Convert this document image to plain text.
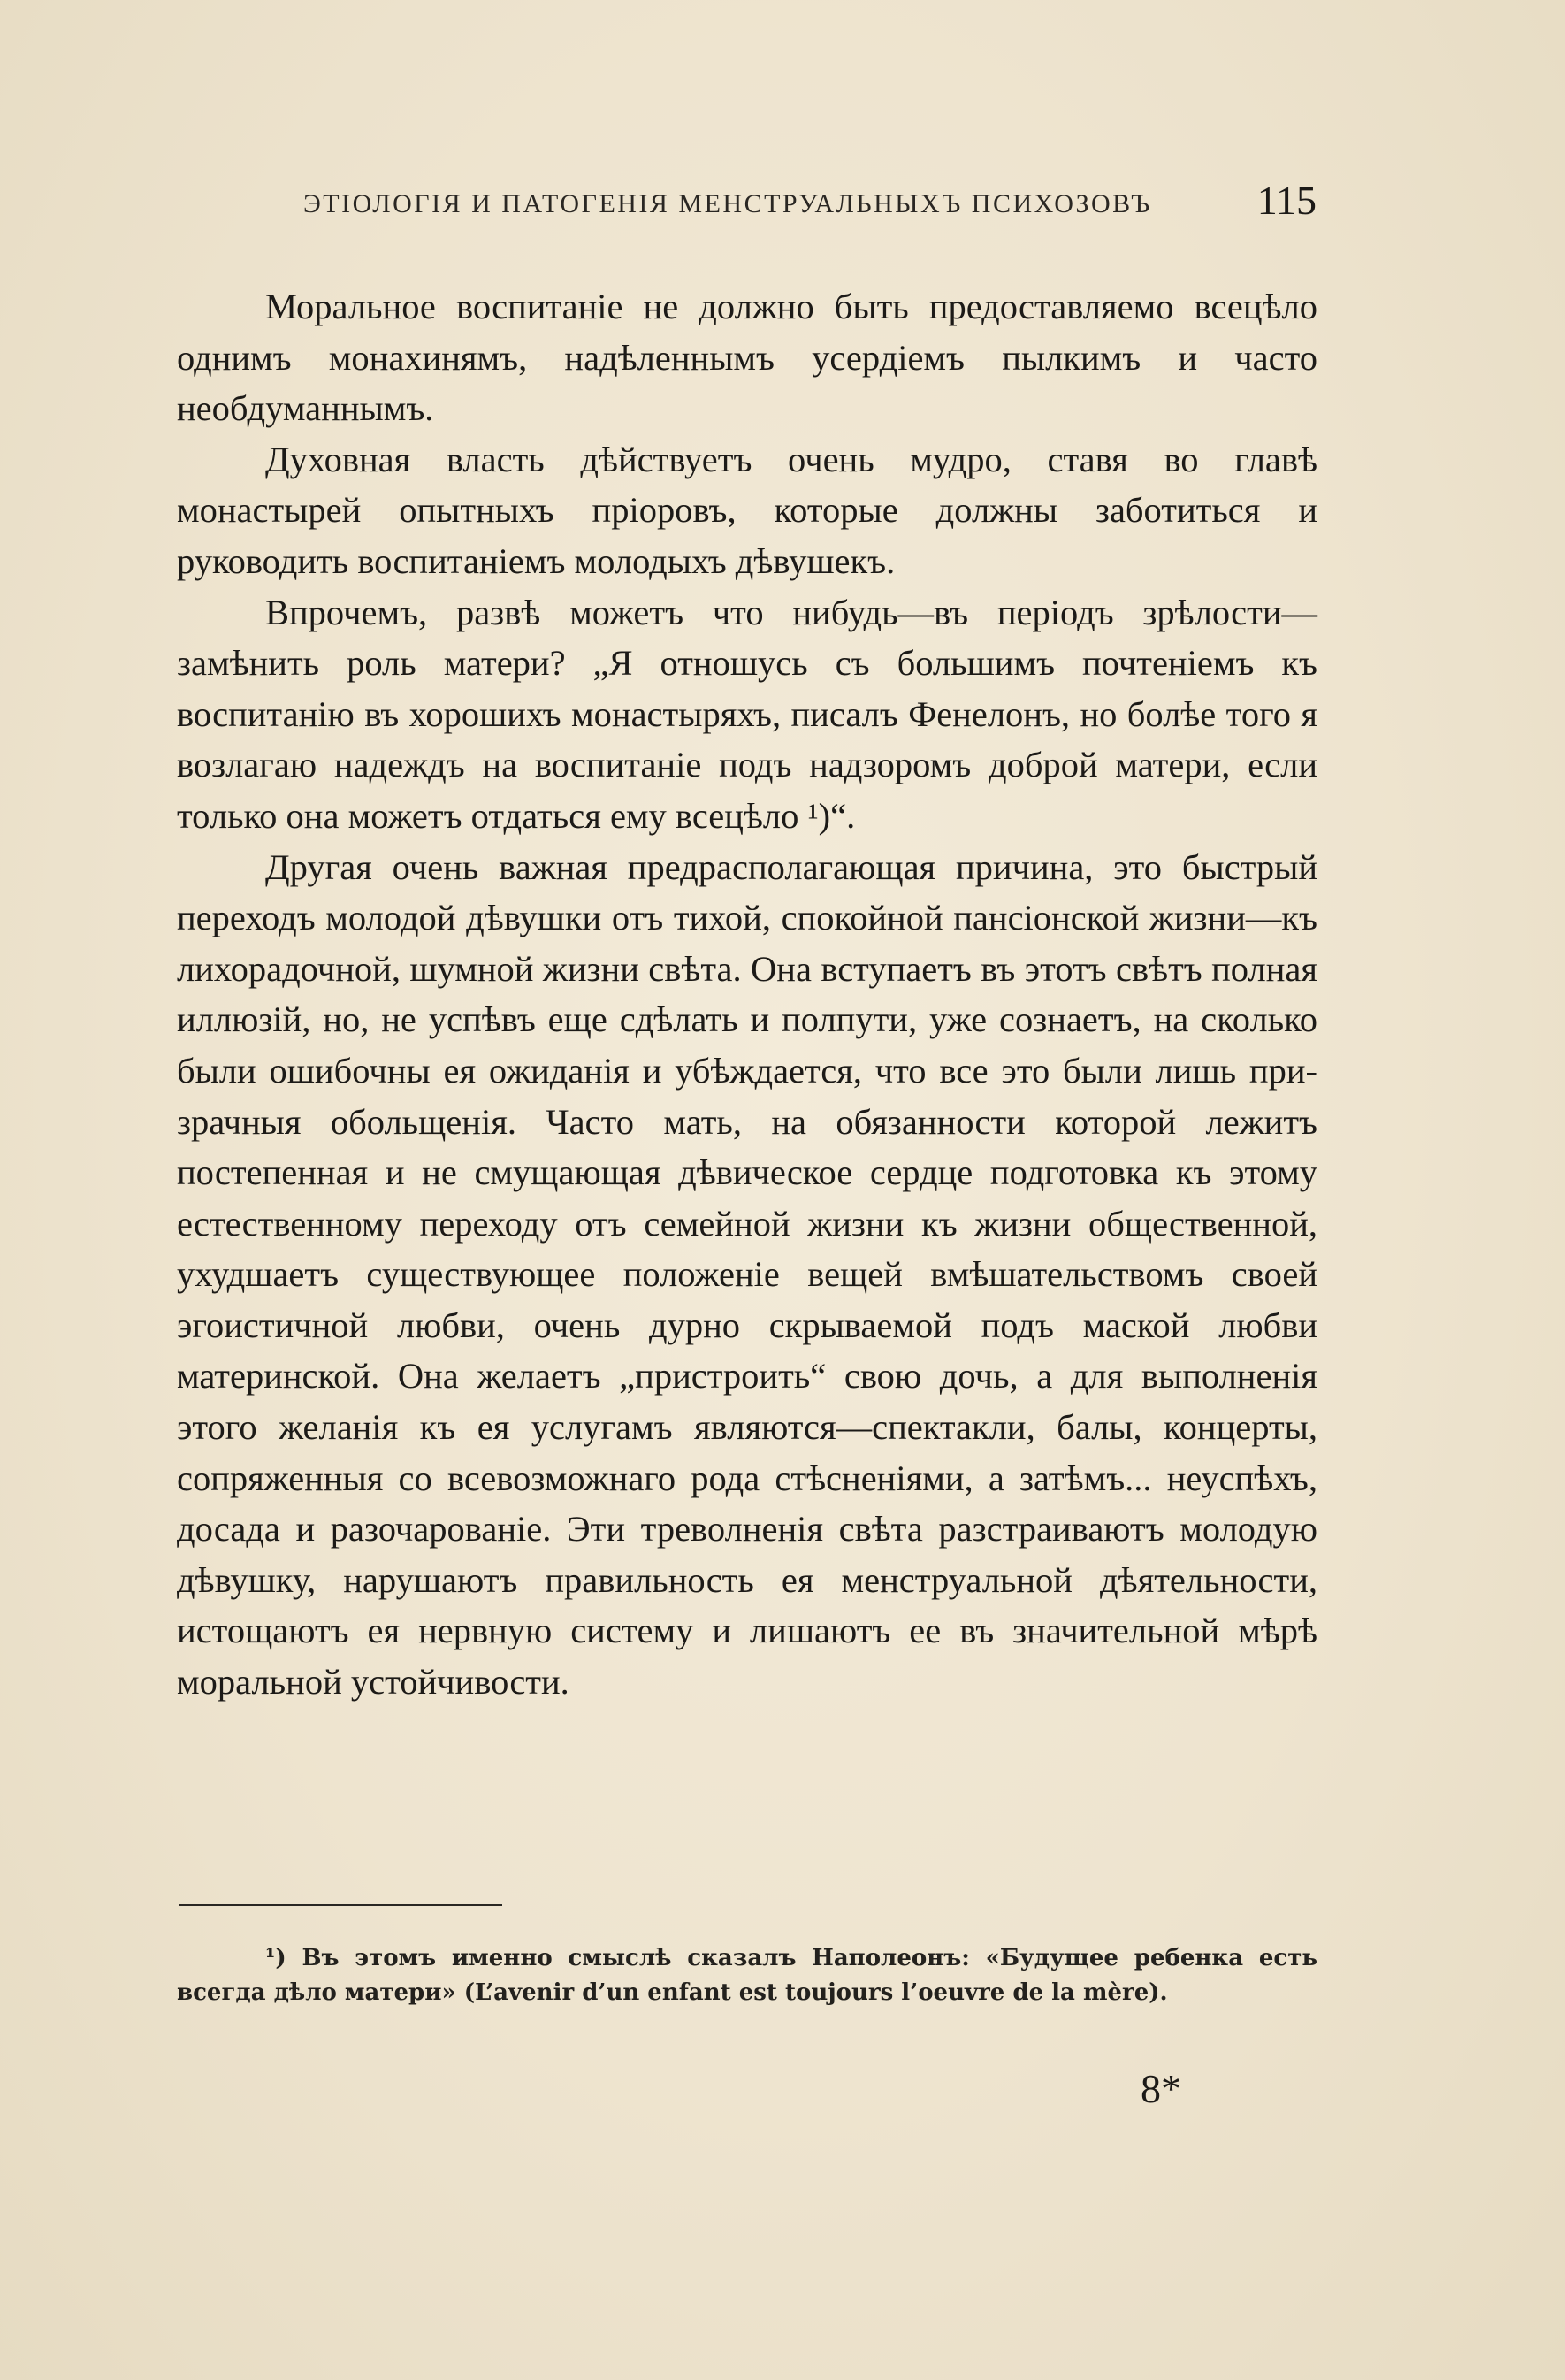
ЭТІОЛОГІЯ И ПАТОГЕНІЯ МЕНСТРУАЛЬНЫХЪ ПСИХОЗОВЪ	115

Моральное воспитаніе не должно быть предоставляемо всецѣло однимъ монахинямъ, надѣленнымъ усердіемъ пылкимъ и часто необдуманнымъ.

Духовная власть дѣйствуетъ очень мудро, ставя во главѣ монастырей опытныхъ пріоровъ, которые должны заботиться и руководить воспитаніемъ молодыхъ дѣвушекъ.

Впрочемъ, развѣ можетъ что нибудь—въ періодъ зрѣлости—замѣнить роль матери? „Я отношусь съ большимъ почтеніемъ къ воспитанію въ хорошихъ монастыряхъ, писалъ Фенелонъ, но болѣе того я возлагаю надеждъ на воспитаніе подъ надзоромъ доброй матери, если только она можетъ отдаться ему всецѣло ¹)“.

Другая очень важная предрасполагающая причина, это быстрый переходъ молодой дѣвушки отъ тихой, спокойной пансіонской жизни—къ лихорадочной, шумной жизни свѣта. Она вступаетъ въ этотъ свѣтъ полная иллюзій, но, не успѣвъ еще сдѣлать и полпути, уже сознаетъ, на сколько были ошибочны ея ожиданія и убѣждается, что все это были лишь призрачныя обольщенія. Часто мать, на обязанности которой лежитъ постепенная и не смущающая дѣвическое сердце подготовка къ этому естественному переходу отъ семейной жизни къ жизни общественной, ухудшаетъ существующее положеніе вещей вмѣшательствомъ своей эгоистичной любви, очень дурно скрываемой подъ маской любви материнской. Она желаетъ „пристроить“ свою дочь, а для выполненія этого желанія къ ея услугамъ являются—спектакли, балы, концерты, сопряженныя со всевозможнаго рода стѣсненіями, а затѣмъ... неуспѣхъ, досада и разочарованіе. Эти треволненія свѣта разстраиваютъ молодую дѣвушку, нарушаютъ правильность ея менструальной дѣятельности, истощаютъ ея нервную систему и лишаютъ ее въ значительной мѣрѣ моральной устойчивости.

¹) Въ этомъ именно смыслѣ сказалъ Наполеонъ: «Будущее ребенка есть всегда дѣло матери» (L’avenir d’un enfant est toujours l’oeuvre de la mère).

8*
